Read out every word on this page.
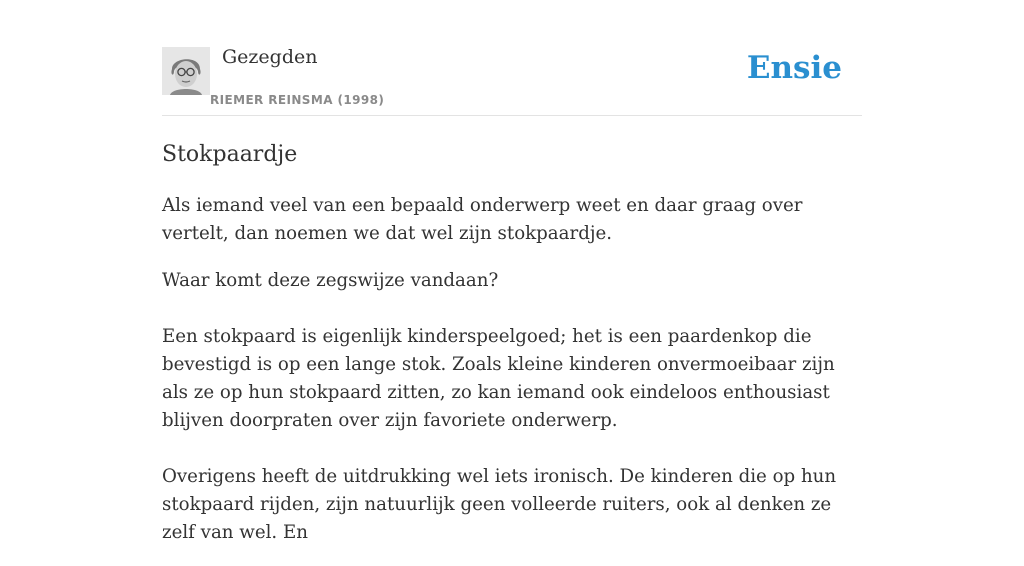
Gezegden
RIEMER REINSMA (1998)
Ensie
Stokpaardje

Als iemand veel van een bepaald onderwerp weet en daar graag over vertelt, dan noemen we dat wel zijn stokpaardje.

Waar komt deze zegswijze vandaan?

Een stokpaard is eigenlijk kinderspeelgoed; het is een paardenkop die bevestigd is op een lange stok. Zoals kleine kinderen onvermoeibaar zijn als ze op hun stokpaard zitten, zo kan iemand ook eindeloos enthousiast blijven doorpraten over zijn favoriete onderwerp.

Overigens heeft de uitdrukking wel iets ironisch. De kinderen die op hun stokpaard rijden, zijn natuurlijk geen volleerde ruiters, ook al denken ze zelf van wel. En
